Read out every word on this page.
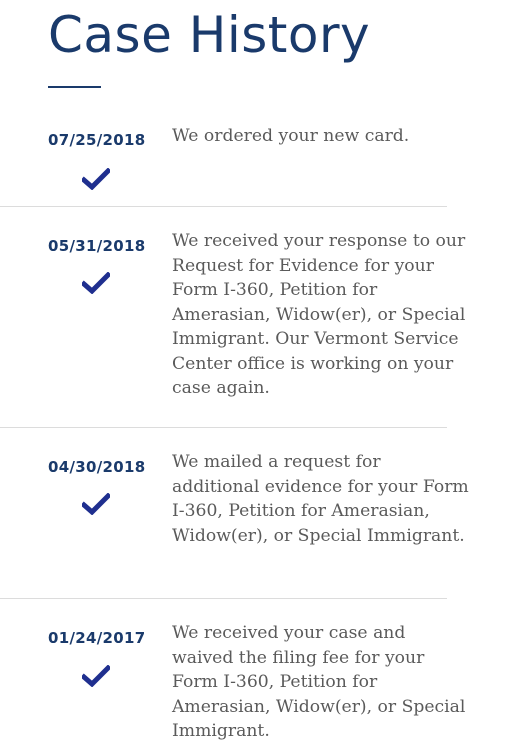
Case History
07/25/2018	We ordered your new card.

05/31/2018	We received your response to our Request for Evidence for your Form I-360, Petition for Amerasian, Widow(er), or Special Immigrant. Our Vermont Service Center office is working on your case again.

04/30/2018	We mailed a request for additional evidence for your Form I-360, Petition for Amerasian, Widow(er), or Special Immigrant.

01/24/2017	We received your case and waived the filing fee for your Form I-360, Petition for Amerasian, Widow(er), or Special Immigrant.
